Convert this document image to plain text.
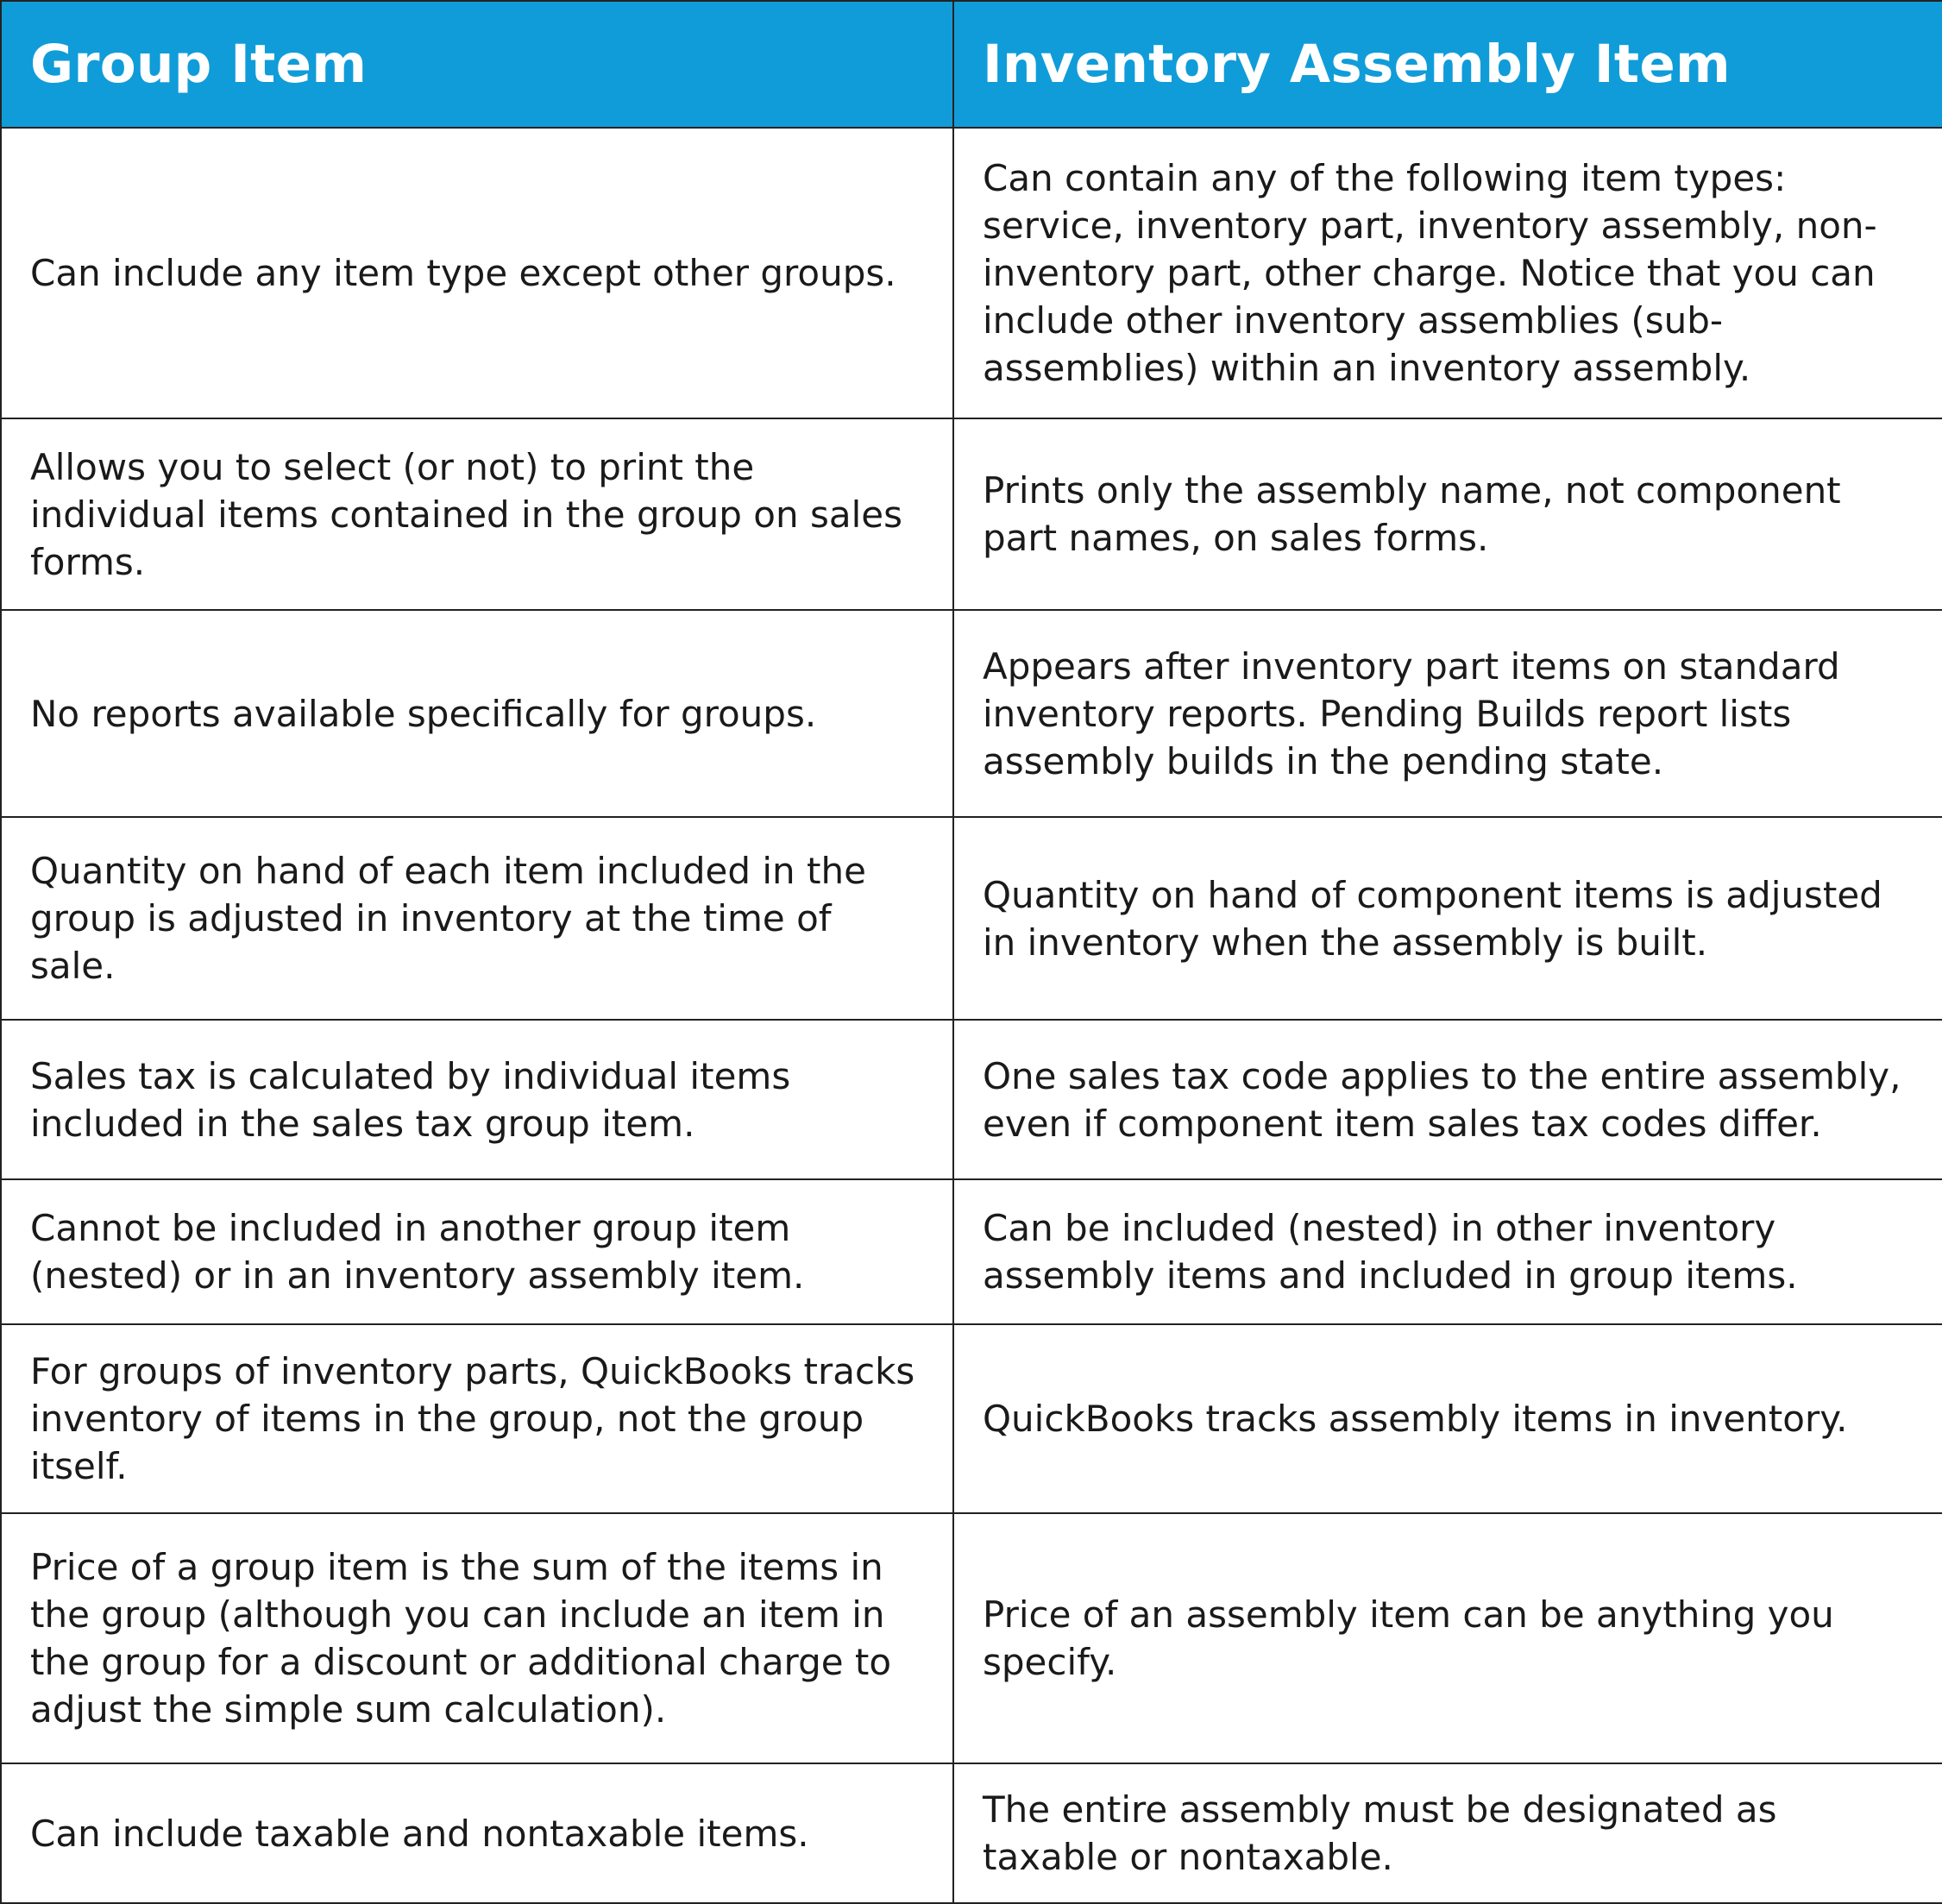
Group Item	Inventory Assembly Item
Can include any item type except other groups.	Can contain any of the following item types: service, inventory part, inventory assembly, non-inventory part, other charge. Notice that you can include other inventory assemblies (sub-assemblies) within an inventory assembly.
Allows you to select (or not) to print the individual items contained in the group on sales forms.	Prints only the assembly name, not component part names, on sales forms.
No reports available specifically for groups.	Appears after inventory part items on standard inventory reports. Pending Builds report lists assembly builds in the pending state.
Quantity on hand of each item included in the group is adjusted in inventory at the time of sale.	Quantity on hand of component items is adjusted in inventory when the assembly is built.
Sales tax is calculated by individual items included in the sales tax group item.	One sales tax code applies to the entire assembly, even if component item sales tax codes differ.
Cannot be included in another group item (nested) or in an inventory assembly item.	Can be included (nested) in other inventory assembly items and included in group items.
For groups of inventory parts, QuickBooks tracks inventory of items in the group, not the group itself.	QuickBooks tracks assembly items in inventory.
Price of a group item is the sum of the items in the group (although you can include an item in the group for a discount or additional charge to adjust the simple sum calculation).	Price of an assembly item can be anything you specify.
Can include taxable and nontaxable items.	The entire assembly must be designated as taxable or nontaxable.
